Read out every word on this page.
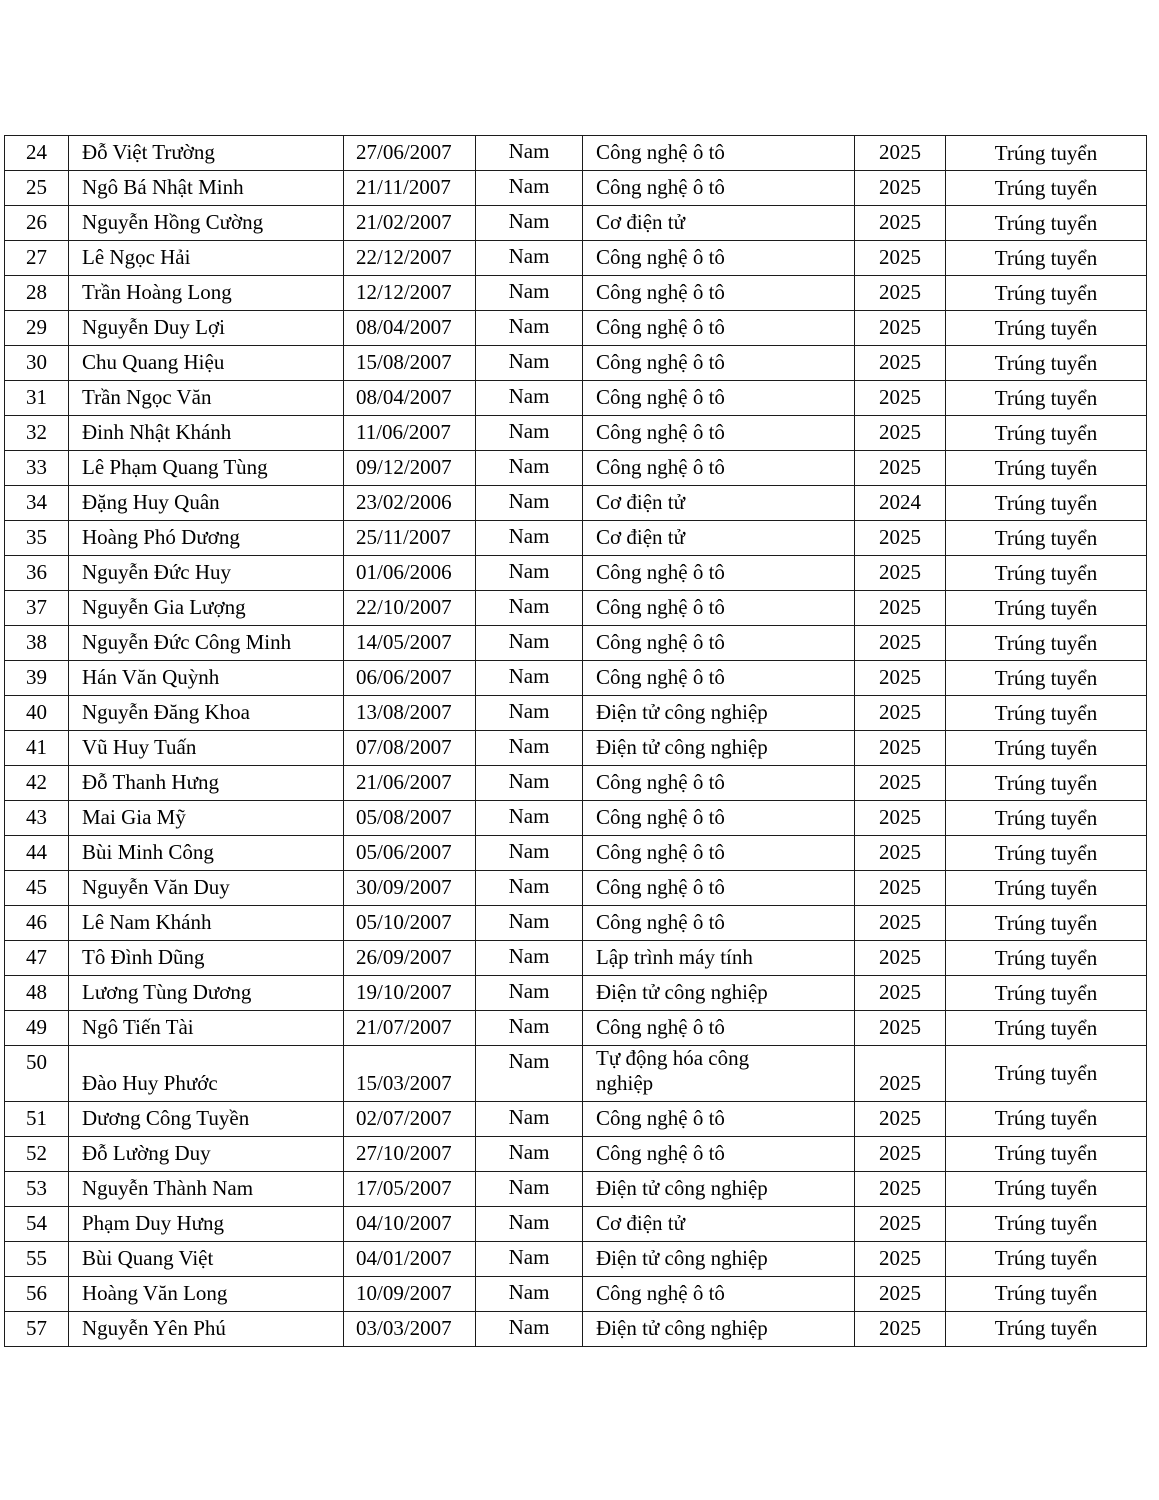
24	Đỗ Việt Trường	27/06/2007	Nam	Công nghệ ô tô	2025	Trúng tuyển
25	Ngô Bá Nhật Minh	21/11/2007	Nam	Công nghệ ô tô	2025	Trúng tuyển
26	Nguyễn Hồng Cường	21/02/2007	Nam	Cơ điện tử	2025	Trúng tuyển
27	Lê Ngọc Hải	22/12/2007	Nam	Công nghệ ô tô	2025	Trúng tuyển
28	Trần Hoàng Long	12/12/2007	Nam	Công nghệ ô tô	2025	Trúng tuyển
29	Nguyễn Duy Lợi	08/04/2007	Nam	Công nghệ ô tô	2025	Trúng tuyển
30	Chu Quang Hiệu	15/08/2007	Nam	Công nghệ ô tô	2025	Trúng tuyển
31	Trần Ngọc Văn	08/04/2007	Nam	Công nghệ ô tô	2025	Trúng tuyển
32	Đinh Nhật Khánh	11/06/2007	Nam	Công nghệ ô tô	2025	Trúng tuyển
33	Lê Phạm Quang Tùng	09/12/2007	Nam	Công nghệ ô tô	2025	Trúng tuyển
34	Đặng Huy Quân	23/02/2006	Nam	Cơ điện tử	2024	Trúng tuyển
35	Hoàng Phó Dương	25/11/2007	Nam	Cơ điện tử	2025	Trúng tuyển
36	Nguyễn Đức Huy	01/06/2006	Nam	Công nghệ ô tô	2025	Trúng tuyển
37	Nguyễn Gia Lượng	22/10/2007	Nam	Công nghệ ô tô	2025	Trúng tuyển
38	Nguyễn Đức Công Minh	14/05/2007	Nam	Công nghệ ô tô	2025	Trúng tuyển
39	Hán Văn Quỳnh	06/06/2007	Nam	Công nghệ ô tô	2025	Trúng tuyển
40	Nguyễn Đăng Khoa	13/08/2007	Nam	Điện tử công nghiệp	2025	Trúng tuyển
41	Vũ Huy Tuấn	07/08/2007	Nam	Điện tử công nghiệp	2025	Trúng tuyển
42	Đỗ Thanh Hưng	21/06/2007	Nam	Công nghệ ô tô	2025	Trúng tuyển
43	Mai Gia Mỹ	05/08/2007	Nam	Công nghệ ô tô	2025	Trúng tuyển
44	Bùi Minh Công	05/06/2007	Nam	Công nghệ ô tô	2025	Trúng tuyển
45	Nguyễn Văn Duy	30/09/2007	Nam	Công nghệ ô tô	2025	Trúng tuyển
46	Lê Nam Khánh	05/10/2007	Nam	Công nghệ ô tô	2025	Trúng tuyển
47	Tô Đình Dũng	26/09/2007	Nam	Lập trình máy tính	2025	Trúng tuyển
48	Lương Tùng Dương	19/10/2007	Nam	Điện tử công nghiệp	2025	Trúng tuyển
49	Ngô Tiến Tài	21/07/2007	Nam	Công nghệ ô tô	2025	Trúng tuyển
50	Đào Huy Phước	15/03/2007	Nam	Tự động hóa công nghiệp	2025	Trúng tuyển
51	Dương Công Tuyền	02/07/2007	Nam	Công nghệ ô tô	2025	Trúng tuyển
52	Đỗ Lường Duy	27/10/2007	Nam	Công nghệ ô tô	2025	Trúng tuyển
53	Nguyễn Thành Nam	17/05/2007	Nam	Điện tử công nghiệp	2025	Trúng tuyển
54	Phạm Duy Hưng	04/10/2007	Nam	Cơ điện tử	2025	Trúng tuyển
55	Bùi Quang Việt	04/01/2007	Nam	Điện tử công nghiệp	2025	Trúng tuyển
56	Hoàng Văn Long	10/09/2007	Nam	Công nghệ ô tô	2025	Trúng tuyển
57	Nguyễn Yên Phú	03/03/2007	Nam	Điện tử công nghiệp	2025	Trúng tuyển
